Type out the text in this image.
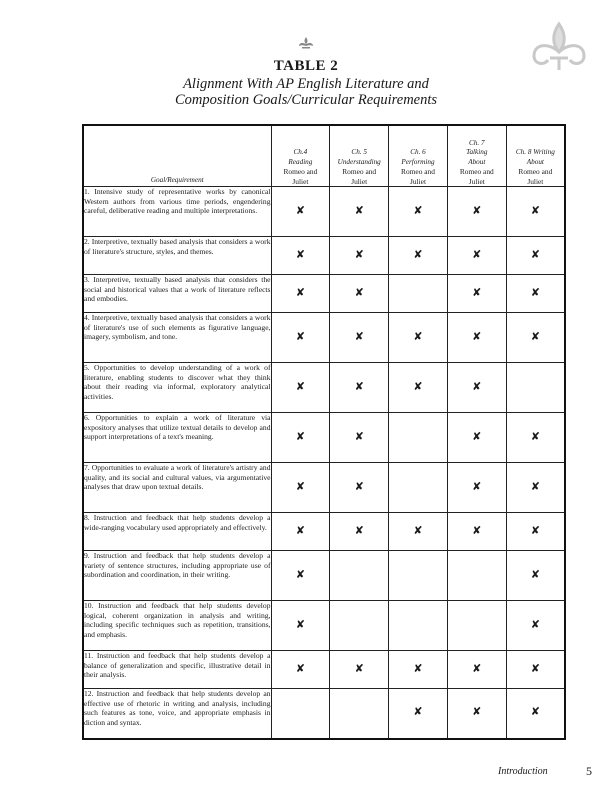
TABLE 2
Alignment With AP English Literature and
Composition Goals/Curricular Requirements
Goal/Requirement	Ch.4
Reading
Romeo and
Juliet	Ch. 5
Understanding
Romeo and
Juliet	Ch. 6
Performing
Romeo and
Juliet	Ch. 7
Talking
About
Romeo and
Juliet	Ch. 8 Writing
About
Romeo and
Juliet

1. Intensive study of representative works by canonical Western authors from various time periods, engendering careful, deliberative reading and multiple interpretations.	✘	✘	✘	✘	✘
2. Interpretive, textually based analysis that considers a work of literature's structure, styles, and themes.	✘	✘	✘	✘	✘
3. Interpretive, textually based analysis that considers the social and historical values that a work of literature reflects and embodies.	✘	✘		✘	✘
4. Interpretive, textually based analysis that considers a work of literature's use of such elements as figurative language, imagery, symbolism, and tone.	✘	✘	✘	✘	✘
5. Opportunities to develop understanding of a work of literature, enabling students to discover what they think about their reading via informal, exploratory analytical activities.	✘	✘	✘	✘	
6. Opportunities to explain a work of literature via expository analyses that utilize textual details to develop and support interpretations of a text's meaning.	✘	✘		✘	✘
7. Opportunities to evaluate a work of literature's artistry and quality, and its social and cultural values, via argumentative analyses that draw upon textual details.	✘	✘		✘	✘
8. Instruction and feedback that help students develop a wide-ranging vocabulary used appropriately and effectively.	✘	✘	✘	✘	✘
9. Instruction and feedback that help students develop a variety of sentence structures, including appropriate use of subordination and coordination, in their writing.	✘				✘
10. Instruction and feedback that help students develop logical, coherent organization in analysis and writing, including specific techniques such as repetition, transitions, and emphasis.	✘				✘
11. Instruction and feedback that help students develop a balance of generalization and specific, illustrative detail in their analysis.	✘	✘	✘	✘	✘
12. Instruction and feedback that help students develop an effective use of rhetoric in writing and analysis, including such features as tone, voice, and appropriate emphasis in diction and syntax.			✘	✘	✘
Introduction	5
